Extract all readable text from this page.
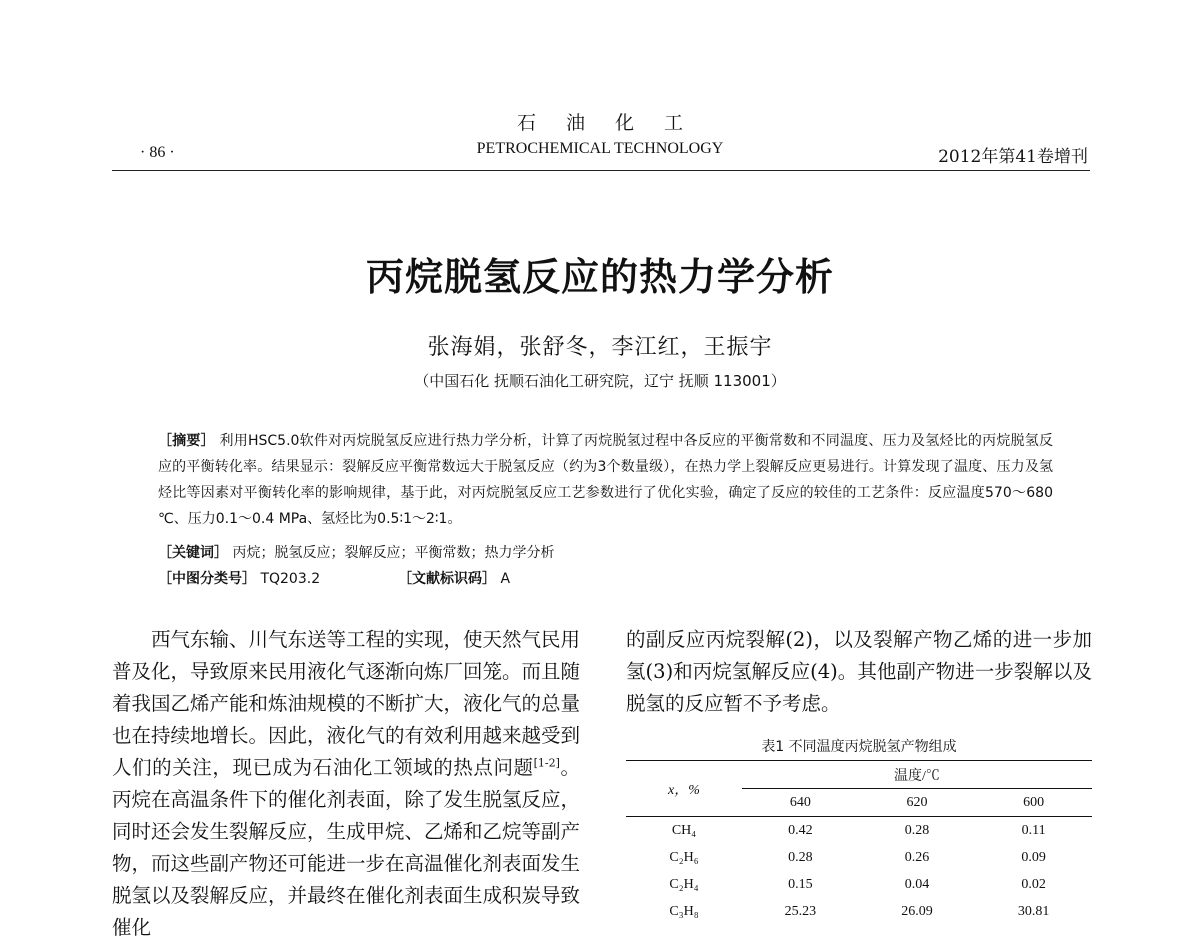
石油化工
PETROCHEMICAL TECHNOLOGY
· 86 ·	2012年第41卷增刊
丙烷脱氢反应的热力学分析
张海娟，张舒冬，李江红，王振宇
（中国石化 抚顺石油化工研究院，辽宁 抚顺 113001）
［摘要］ 利用HSC5.0软件对丙烷脱氢反应进行热力学分析，计算了丙烷脱氢过程中各反应的平衡常数和不同温度、压力及氢烃比的丙烷脱氢反应的平衡转化率。结果显示：裂解反应平衡常数远大于脱氢反应（约为3个数量级），在热力学上裂解反应更易进行。计算发现了温度、压力及氢烃比等因素对平衡转化率的影响规律，基于此，对丙烷脱氢反应工艺参数进行了优化实验，确定了反应的较佳的工艺条件：反应温度570～680 ℃、压力0.1～0.4 MPa、氢烃比为0.5∶1～2∶1。
［关键词］ 丙烷；脱氢反应；裂解反应；平衡常数；热力学分析
［中图分类号］ TQ203.2	［文献标识码］ A

西气东输、川气东送等工程的实现，使天然气民用普及化，导致原来民用液化气逐渐向炼厂回笼。而且随着我国乙烯产能和炼油规模的不断扩大，液化气的总量也在持续地增长。因此，液化气的有效利用越来越受到人们的关注，现已成为石油化工领域的热点问题[1-2]。丙烷在高温条件下的催化剂表面，除了发生脱氢反应，同时还会发生裂解反应，生成甲烷、乙烯和乙烷等副产物，而这些副产物还可能进一步在高温催化剂表面发生脱氢以及裂解反应，并最终在催化剂表面生成积炭导致催化

的副反应丙烷裂解(2)，以及裂解产物乙烯的进一步加氢(3)和丙烷氢解反应(4)。其他副产物进一步裂解以及脱氢的反应暂不予考虑。

表1 不同温度丙烷脱氢产物组成
x，%	温度/℃		
	640	620	600
CH₄	0.42	0.28	0.11
C₂H₆	0.28	0.26	0.09
C₂H₄	0.15	0.04	0.02
C₃H₈	25.23	26.09	30.81
